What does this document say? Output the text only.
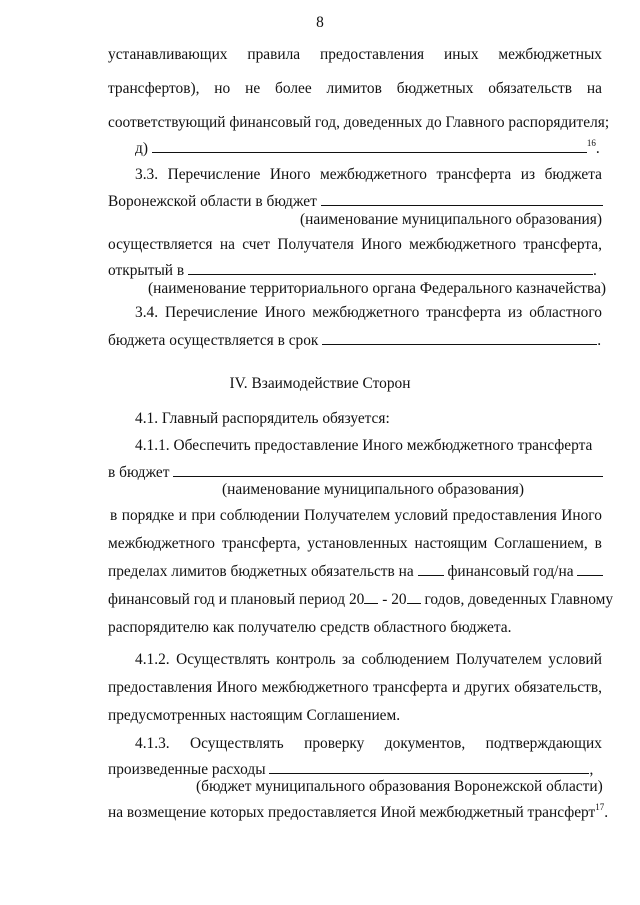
8
устанавливающих правила предоставления иных межбюджетных
трансфертов), но не более лимитов бюджетных обязательств на
соответствующий финансовый год, доведенных до Главного распорядителя;
д)	$^{16}$.
3.3. Перечисление Иного межбюджетного трансферта из бюджета
Воронежской области в бюджет
(наименование муниципального образования)
осуществляется на счет Получателя Иного межбюджетного трансферта,
открытый в	.
(наименование территориального органа Федерального казначейства)
3.4. Перечисление Иного межбюджетного трансферта из областного
бюджета осуществляется в срок	.
IV. Взаимодействие Сторон
4.1. Главный распорядитель обязуется:
4.1.1. Обеспечить предоставление Иного межбюджетного трансферта
в бюджет
(наименование муниципального образования)
в порядке и при соблюдении Получателем условий предоставления Иного
межбюджетного трансферта, установленных настоящим Соглашением, в
пределах лимитов бюджетных обязательств на финансовый год/на
финансовый год и плановый период 20 - 20 годов, доведенных Главному
распорядителю как получателю средств областного бюджета.
4.1.2. Осуществлять контроль за соблюдением Получателем условий
предоставления Иного межбюджетного трансферта и других обязательств,
предусмотренных настоящим Соглашением.
4.1.3. Осуществлять проверку документов, подтверждающих
произведенные расходы	,
(бюджет муниципального образования Воронежской области)
на возмещение которых предоставляется Иной межбюджетный трансферт$^{17}$.
